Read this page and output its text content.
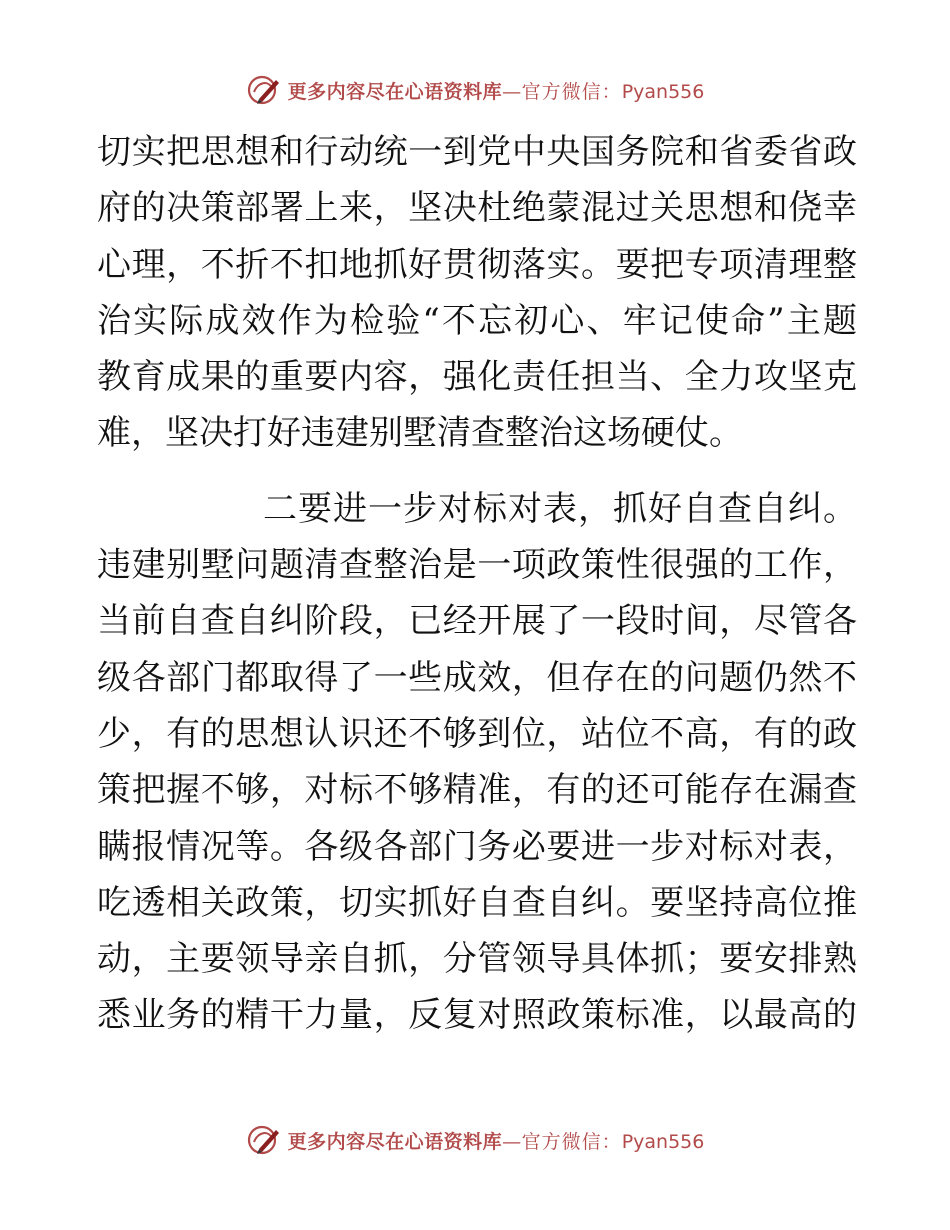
更多内容尽在心语资料库—官方微信：Pyan556
切实把思想和行动统一到党中央国务院和省委省政
府的决策部署上来，坚决杜绝蒙混过关思想和侥幸
心理，不折不扣地抓好贯彻落实。要把专项清理整
治实际成效作为检验“不忘初心、牢记使命”主题
教育成果的重要内容，强化责任担当、全力攻坚克
难，坚决打好违建别墅清查整治这场硬仗。
二要进一步对标对表，抓好自查自纠。
违建别墅问题清查整治是一项政策性很强的工作，
当前自查自纠阶段，已经开展了一段时间，尽管各
级各部门都取得了一些成效，但存在的问题仍然不
少，有的思想认识还不够到位，站位不高，有的政
策把握不够，对标不够精准，有的还可能存在漏查
瞒报情况等。各级各部门务必要进一步对标对表，
吃透相关政策，切实抓好自查自纠。要坚持高位推
动，主要领导亲自抓，分管领导具体抓；要安排熟
悉业务的精干力量，反复对照政策标准，以最高的
更多内容尽在心语资料库—官方微信：Pyan556
